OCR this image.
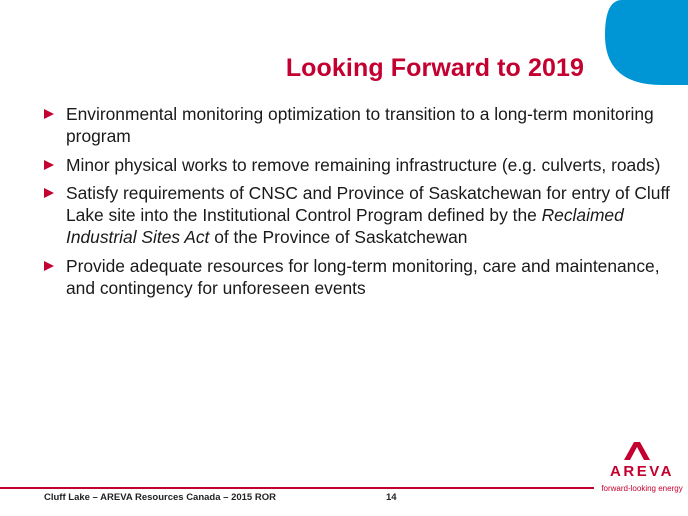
Looking Forward to 2019
Environmental monitoring optimization to transition to a long-term monitoring program
Minor physical works to remove remaining infrastructure (e.g. culverts, roads)
Satisfy requirements of CNSC and Province of Saskatchewan for entry of Cluff Lake site into the Institutional Control Program defined by the Reclaimed Industrial Sites Act of the Province of Saskatchewan
Provide adequate resources for long-term monitoring, care and maintenance, and contingency for unforeseen events
Cluff Lake – AREVA Resources Canada – 2015 ROR	14
AREVA
forward-looking energy
